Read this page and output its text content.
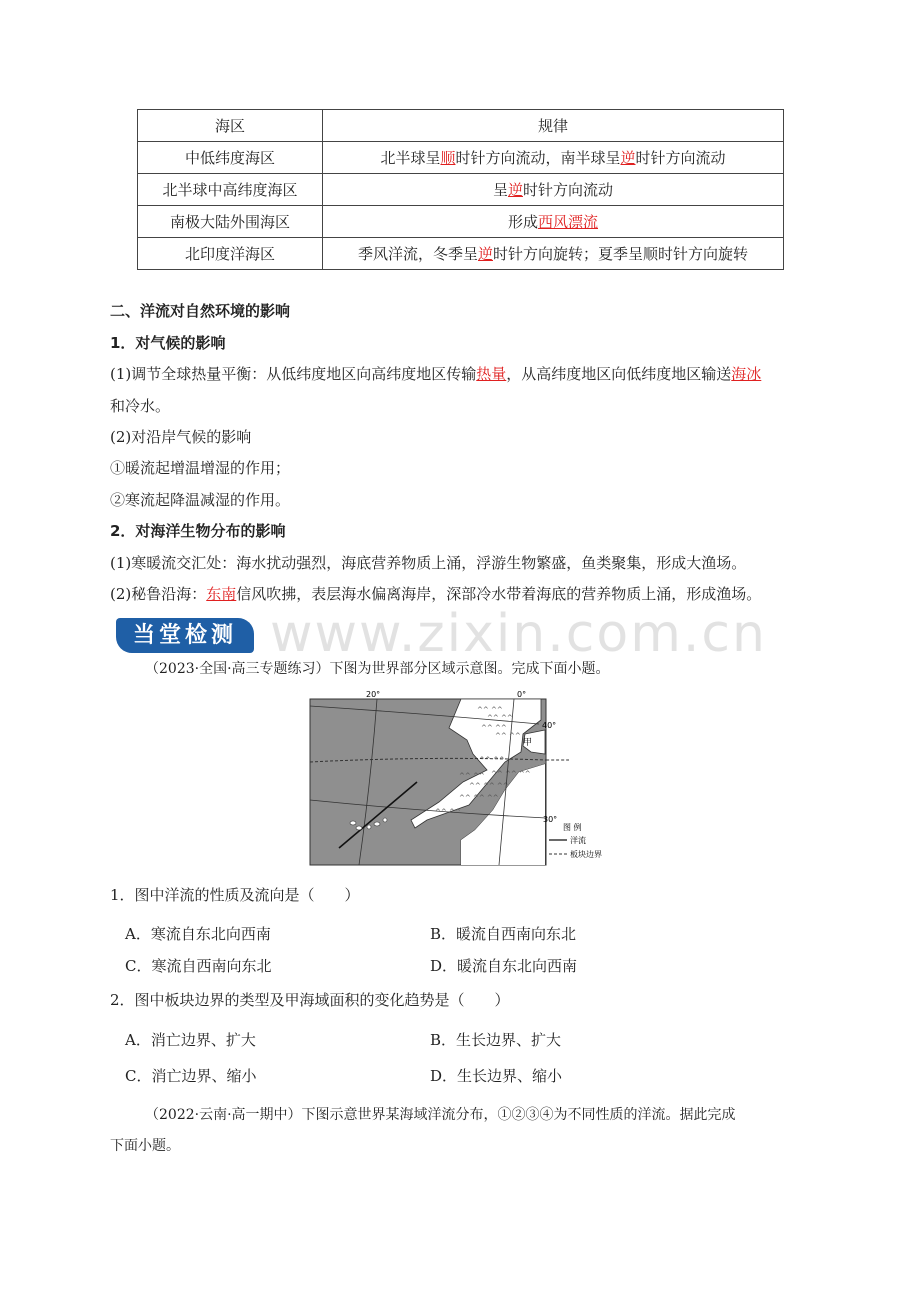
海区	规律
中低纬度海区	北半球呈顺时针方向流动，南半球呈逆时针方向流动
北半球中高纬度海区	呈逆时针方向流动
南极大陆外围海区	形成西风漂流
北印度洋海区	季风洋流，冬季呈逆时针方向旋转；夏季呈顺时针方向旋转
二、洋流对自然环境的影响
1．对气候的影响
(1)调节全球热量平衡：从低纬度地区向高纬度地区传输热量，从高纬度地区向低纬度地区输送海冰
和冷水。
(2)对沿岸气候的影响
①暖流起增温增湿的作用；
②寒流起降温减湿的作用。
2．对海洋生物分布的影响
(1)寒暖流交汇处：海水扰动强烈，海底营养物质上涌，浮游生物繁盛，鱼类聚集，形成大渔场。
(2)秘鲁沿海：东南信风吹拂，表层海水偏离海岸，深部冷水带着海底的营养物质上涌，形成渔场。
www.zixin.com.cn
当堂检测
（2023·全国·高三专题练习）下图为世界部分区域示意图。完成下面小题。
甲
^^ ^^
^^ ^^
^^ ^^
^^ ^^
^^ ^^ ^^
^^ ^^ ^^
^^ ^^ ^^
^^ ^^
^^ ^^
^^ ^^
20°	0°
40°
30°
图 例
洋流
板块边界
1．图中洋流的性质及流向是（　　）
A．寒流自东北向西南	B．暖流自西南向东北
C．寒流自西南向东北	D．暖流自东北向西南
2．图中板块边界的类型及甲海域面积的变化趋势是（　　）
A．消亡边界、扩大	B．生长边界、扩大
C．消亡边界、缩小	D．生长边界、缩小
（2022·云南·高一期中）下图示意世界某海域洋流分布，①②③④为不同性质的洋流。据此完成
下面小题。
